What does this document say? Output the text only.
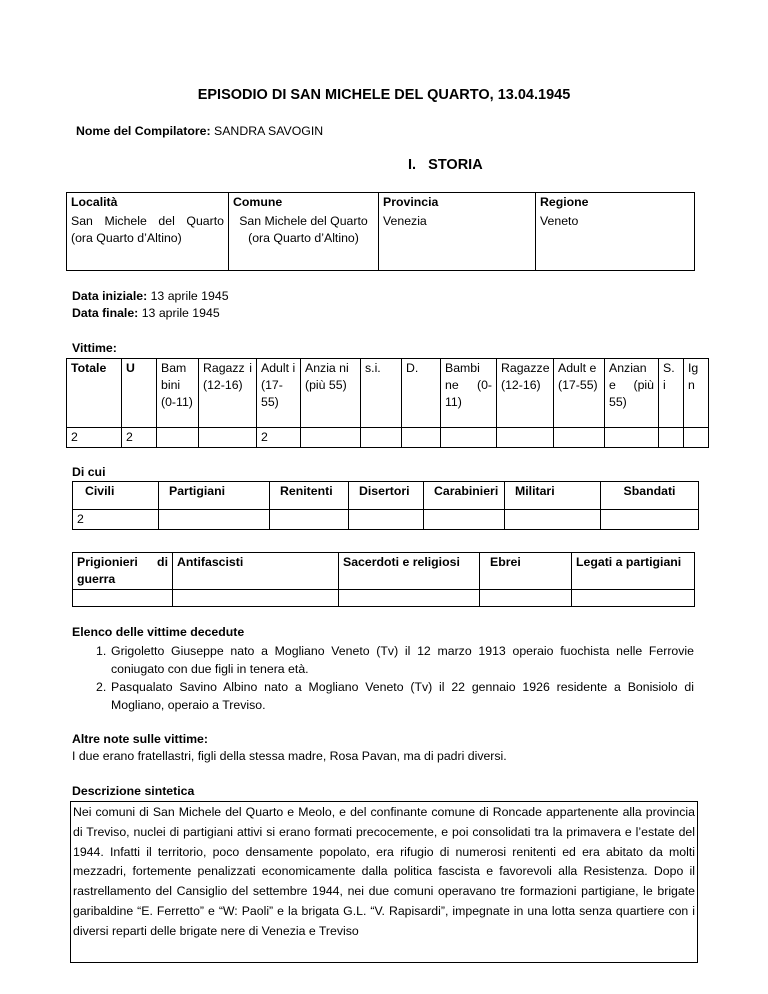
EPISODIO DI SAN MICHELE DEL QUARTO, 13.04.1945
Nome del Compilatore: SANDRA SAVOGIN
I.   STORIA
Località	Comune	Provincia	Regione
San Michele del Quarto (ora Quarto d’Altino)	San Michele del Quarto (ora Quarto d’Altino)	Venezia	Veneto
Data iniziale: 13 aprile 1945
Data finale: 13 aprile 1945
Vittime:
Totale	U	Bam bini (0-11)	Ragazz i (12-16)	Adult i (17-55)	Anzia ni (più 55)	s.i.	D.	Bambi ne (0-11)	Ragazze (12-16)	Adult e (17-55)	Anzian e (più 55)	S. i	Ig n
2	2			2									
Di cui
Civili	Partigiani	Renitenti	Disertori	Carabinieri	Militari	Sbandati
2						
Prigionieri di guerra	Antifascisti	Sacerdoti e religiosi	Ebrei	Legati a partigiani

Elenco delle vittime decedute
1. Grigoletto Giuseppe nato a Mogliano Veneto (Tv) il 12 marzo 1913 operaio fuochista nelle Ferrovie coniugato con due figli in tenera età.
2. Pasqualato Savino Albino nato a Mogliano Veneto (Tv) il 22 gennaio 1926 residente a Bonisiolo di Mogliano, operaio a Treviso.
Altre note sulle vittime:
I due erano fratellastri, figli della stessa madre, Rosa Pavan, ma di padri diversi.
Descrizione sintetica
Nei comuni di San Michele del Quarto e Meolo, e del confinante comune di Roncade appartenente alla provincia di Treviso, nuclei di partigiani attivi si erano formati precocemente, e poi consolidati tra la primavera e l’estate del 1944. Infatti il territorio, poco densamente popolato, era rifugio di numerosi renitenti ed era abitato da molti mezzadri, fortemente penalizzati economicamente dalla politica fascista e favorevoli alla Resistenza. Dopo il rastrellamento del Cansiglio del settembre 1944, nei due comuni operavano tre formazioni partigiane, le brigate garibaldine “E. Ferretto” e “W: Paoli” e la brigata G.L. “V. Rapisardi”, impegnate in una lotta senza quartiere con i diversi reparti delle brigate nere di Venezia e Treviso
